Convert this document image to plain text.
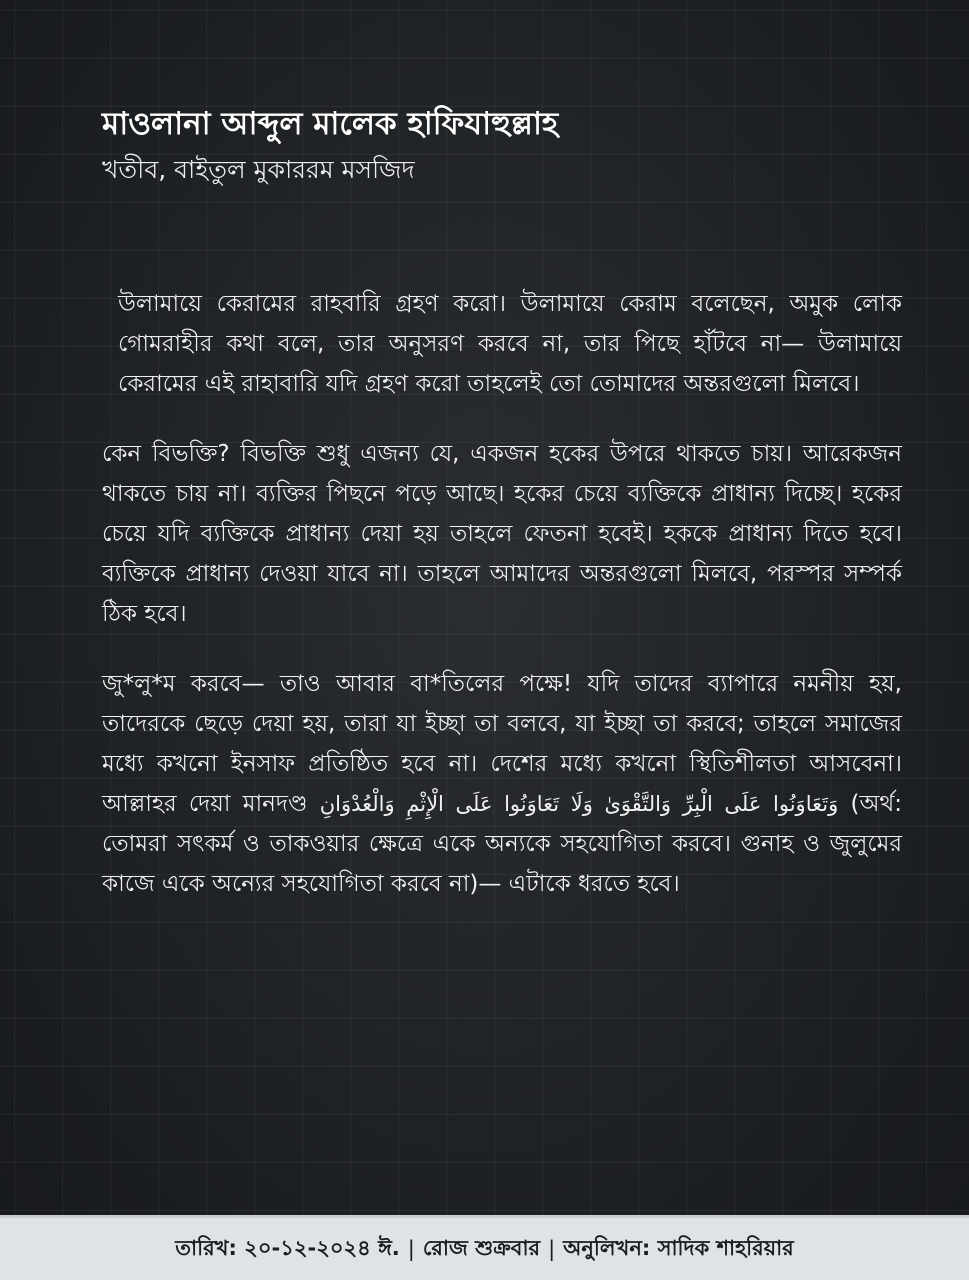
মাওলানা আব্দুল মালেক হাফিযাহুল্লাহ

খতীব, বাইতুল মুকাররম মসজিদ

উলামায়ে কেরামের রাহবারি গ্রহণ করো। উলামায়ে কেরাম বলেছেন, অমুক লোক গোমরাহীর কথা বলে, তার অনুসরণ করবে না, তার পিছে হাঁটবে না— উলামায়ে কেরামের এই রাহাবারি যদি গ্রহণ করো তাহলেই তো তোমাদের অন্তরগুলো মিলবে।

কেন বিভক্তি? বিভক্তি শুধু এজন্য যে, একজন হকের উপরে থাকতে চায়। আরেকজন থাকতে চায় না। ব্যক্তির পিছনে পড়ে আছে। হকের চেয়ে ব্যক্তিকে প্রাধান্য দিচ্ছে। হকের চেয়ে যদি ব্যক্তিকে প্রাধান্য দেয়া হয় তাহলে ফেতনা হবেই। হককে প্রাধান্য দিতে হবে। ব্যক্তিকে প্রাধান্য দেওয়া যাবে না। তাহলে আমাদের অন্তরগুলো মিলবে, পরস্পর সম্পর্ক ঠিক হবে।

জু*লু*ম করবে— তাও আবার বা*তিলের পক্ষে! যদি তাদের ব্যাপারে নমনীয় হয়, তাদেরকে ছেড়ে দেয়া হয়, তারা যা ইচ্ছা তা বলবে, যা ইচ্ছা তা করবে; তাহলে সমাজের মধ্যে কখনো ইনসাফ প্রতিষ্ঠিত হবে না। দেশের মধ্যে কখনো স্থিতিশীলতা আসবেনা। আল্লাহর দেয়া মানদণ্ড وَتَعَاوَنُوا عَلَى الْبِرِّ وَالتَّقْوَىٰ وَلَا تَعَاوَنُوا عَلَى الْإِثْمِ وَالْعُدْوَانِ (অর্থ: তোমরা সৎকর্ম ও তাকওয়ার ক্ষেত্রে একে অন্যকে সহযোগিতা করবে। গুনাহ ও জুলুমের কাজে একে অন্যের সহযোগিতা করবে না)— এটাকে ধরতে হবে।

তারিখ: ২০-১২-২০২৪ ঈ. | রোজ শুক্রবার | অনুলিখন: সাদিক শাহরিয়ার
